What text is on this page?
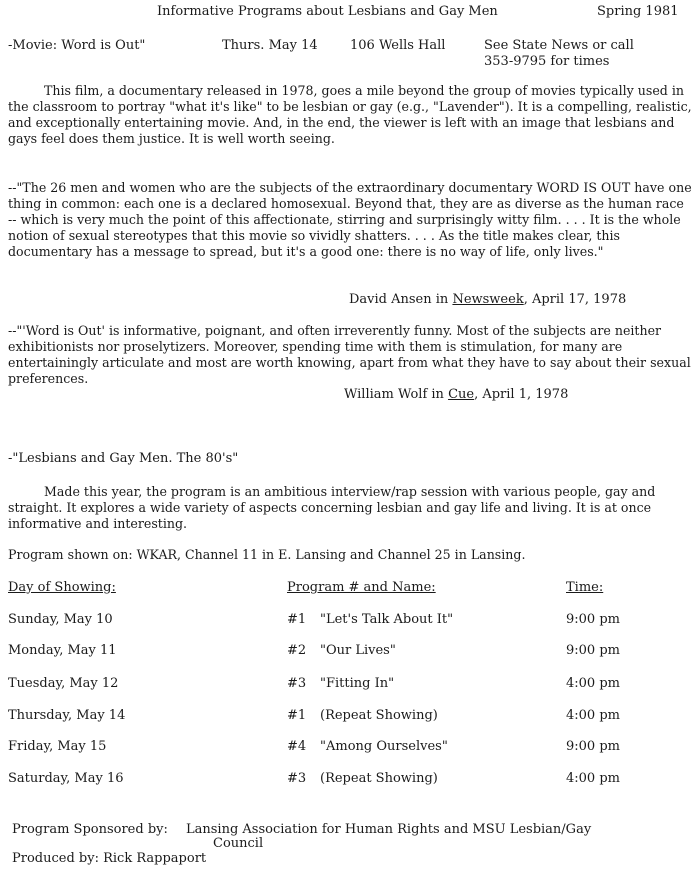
Informative Programs about Lesbians and Gay Men	Spring 1981
-Movie: Word is Out"	Thurs. May 14 106 Wells Hall	See State News or call
353-9795 for times
This film, a documentary released in 1978, goes a mile beyond the group of movies typically used in the classroom to portray "what it's like" to be lesbian or gay (e.g., "Lavender"). It is a compelling, realistic, and exceptionally entertaining movie. And, in the end, the viewer is left with an image that lesbians and gays feel does them justice. It is well worth seeing.
--"The 26 men and women who are the subjects of the extraordinary documentary WORD IS OUT have one thing in common: each one is a declared homosexual. Beyond that, they are as diverse as the human race -- which is very much the point of this affectionate, stirring and surprisingly witty film. . . . It is the whole notion of sexual stereotypes that this movie so vividly shatters. . . . As the title makes clear, this documentary has a message to spread, but it's a good one: there is no way of life, only lives."
David Ansen in Newsweek, April 17, 1978
--"'Word is Out' is informative, poignant, and often irreverently funny. Most of the subjects are neither exhibitionists nor proselytizers. Moreover, spending time with them is stimulation, for many are entertainingly articulate and most are worth knowing, apart from what they have to say about their sexual preferences.
William Wolf in Cue, April 1, 1978
-"Lesbians and Gay Men. The 80's"
Made this year, the program is an ambitious interview/rap session with various people, gay and straight. It explores a wide variety of aspects concerning lesbian and gay life and living. It is at once informative and interesting.
Program shown on: WKAR, Channel 11 in E. Lansing and Channel 25 in Lansing.
Day of Showing:	Program # and Name:	Time:
Sunday, May 10	#1 "Let's Talk About It"	9:00 pm
Monday, May 11	#2 "Our Lives"	9:00 pm
Tuesday, May 12	#3 "Fitting In"	4:00 pm
Thursday, May 14	#1 (Repeat Showing)	4:00 pm
Friday, May 15	#4 "Among Ourselves"	9:00 pm
Saturday, May 16	#3 (Repeat Showing)	4:00 pm
Program Sponsored by: Lansing Association for Human Rights and MSU Lesbian/Gay
Council
Produced by: Rick Rappaport
